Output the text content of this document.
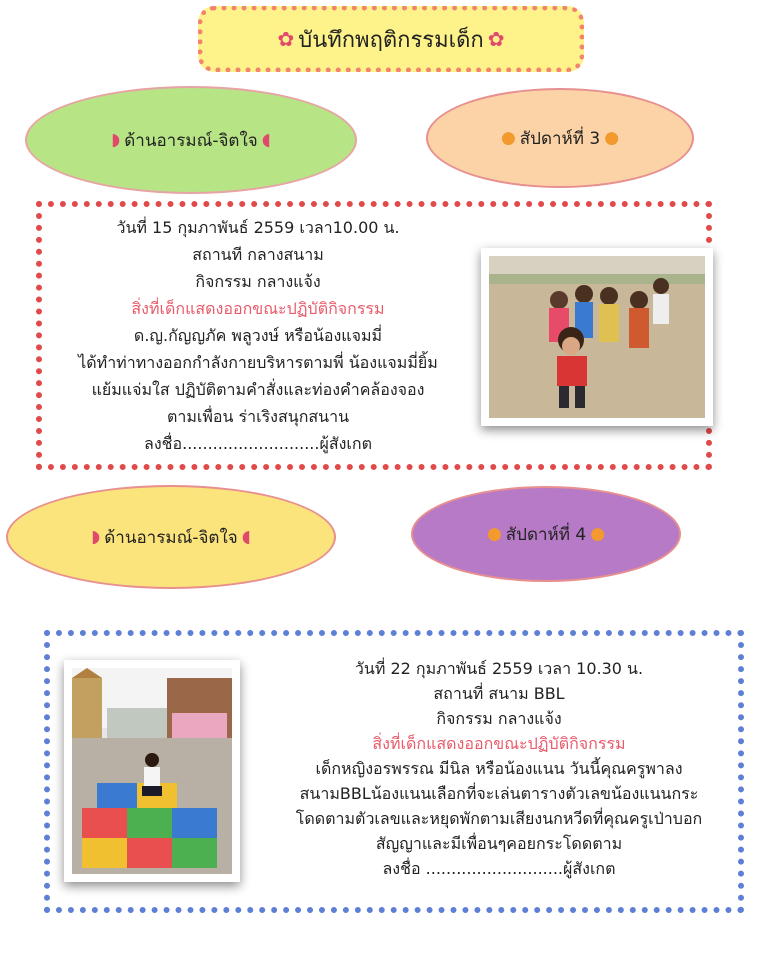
✿ บันทึกพฤติกรรมเด็ก ✿
◗ ด้านอารมณ์-จิตใจ ◖	● สัปดาห์ที่ 3 ●
วันที่ 15 กุมภาพันธ์ 2559 เวลา10.00 น.
สถานที กลางสนาม
กิจกรรม กลางแจ้ง
สิ่งที่เด็กแสดงออกขณะปฏิบัติกิจกรรม
ด.ญ.กัญญภัค พลูวงษ์ หรือน้องแจมมี่
ได้ทำท่าทางออกกำลังกายบริหารตามพี่ น้องแจมมี่ยิ้ม
แย้มแจ่มใส ปฏิบัติตามคำสั่งและท่องคำคล้องจอง
ตามเพื่อน ร่าเริงสนุกสนาน
ลงชื่อ...........................ผู้สังเกต
◗ ด้านอารมณ์-จิตใจ ◖	● สัปดาห์ที่ 4 ●
วันที่ 22 กุมภาพันธ์ 2559 เวลา 10.30 น.
สถานที่ สนาม BBL
กิจกรรม กลางแจ้ง
สิ่งที่เด็กแสดงออกขณะปฏิบัติกิจกรรม
เด็กหญิงอรพรรณ มีนิล หรือน้องแนน วันนี้คุณครูพาลง
สนามBBLน้องแนนเลือกที่จะเล่นตารางตัวเลขน้องแนนกระ
โดดตามตัวเลขและหยุดพักตามเสียงนกหวีดที่คุณครูเป่าบอก
สัญญาและมีเพื่อนๆคอยกระโดดตาม
ลงชื่อ ...........................ผู้สังเกต
